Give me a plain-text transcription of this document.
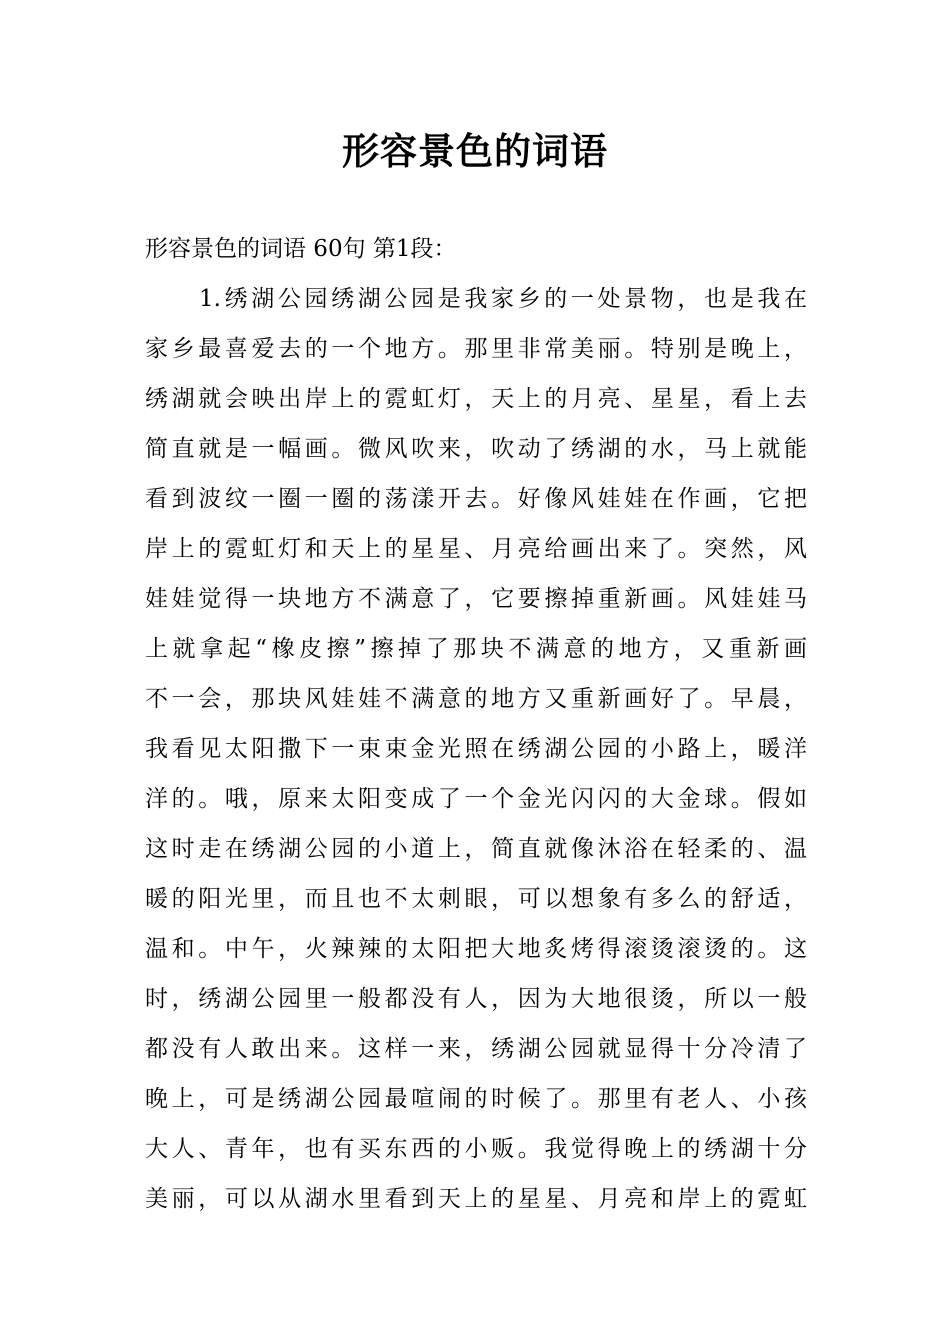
形容景色的词语
形容景色的词语 60句 第1段：
1.绣湖公园绣湖公园是我家乡的一处景物，也是我在
家乡最喜爱去的一个地方。那里非常美丽。特别是晚上，
绣湖就会映出岸上的霓虹灯，天上的月亮、星星，看上去
简直就是一幅画。微风吹来，吹动了绣湖的水，马上就能
看到波纹一圈一圈的荡漾开去。好像风娃娃在作画，它把
岸上的霓虹灯和天上的星星、月亮给画出来了。突然，风
娃娃觉得一块地方不满意了，它要擦掉重新画。风娃娃马
上就拿起“橡皮擦”擦掉了那块不满意的地方，又重新画
不一会，那块风娃娃不满意的地方又重新画好了。早晨，
我看见太阳撒下一束束金光照在绣湖公园的小路上，暖洋
洋的。哦，原来太阳变成了一个金光闪闪的大金球。假如
这时走在绣湖公园的小道上，简直就像沐浴在轻柔的、温
暖的阳光里，而且也不太刺眼，可以想象有多么的舒适，
温和。中午，火辣辣的太阳把大地炙烤得滚烫滚烫的。这
时，绣湖公园里一般都没有人，因为大地很烫，所以一般
都没有人敢出来。这样一来，绣湖公园就显得十分冷清了
晚上，可是绣湖公园最喧闹的时候了。那里有老人、小孩
大人、青年，也有买东西的小贩。我觉得晚上的绣湖十分
美丽，可以从湖水里看到天上的星星、月亮和岸上的霓虹
